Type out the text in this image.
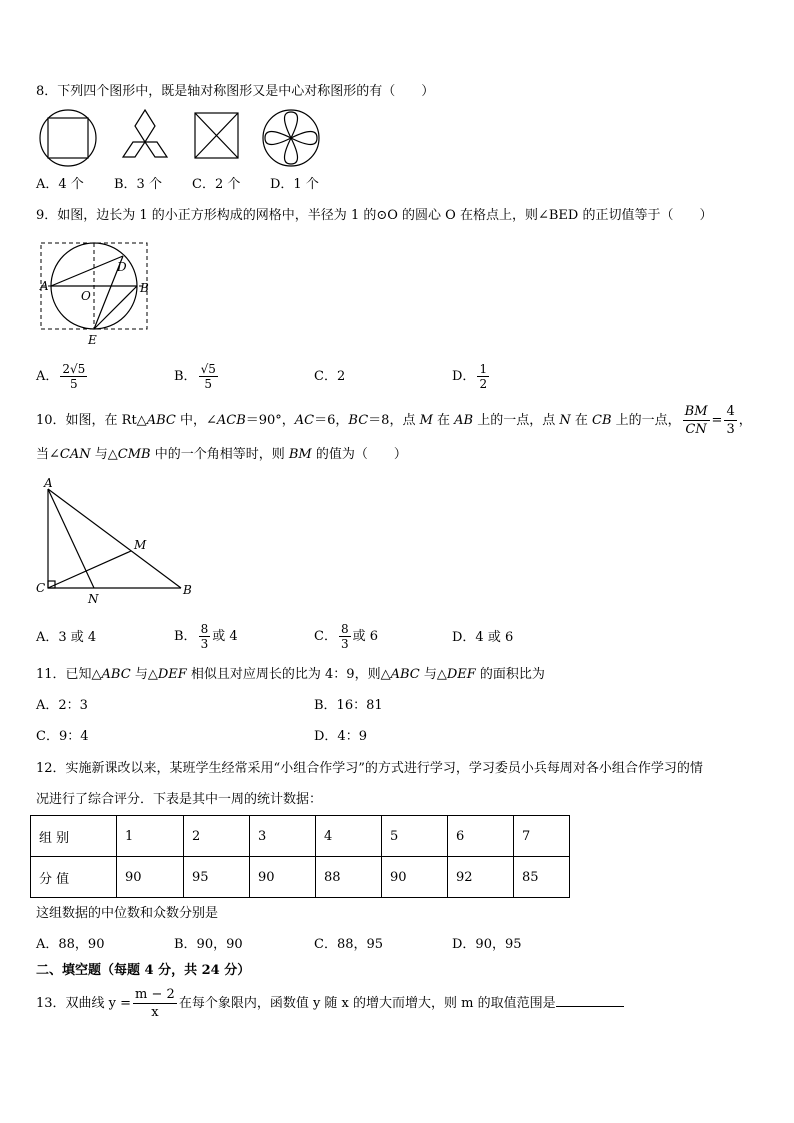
8．下列四个图形中，既是轴对称图形又是中心对称图形的有（　　）
A．4 个 B．3 个 C．2 个 D．1 个
9．如图，边长为 1 的小正方形构成的网格中，半径为 1 的⊙O 的圆心 O 在格点上，则∠BED 的正切值等于（　　）
A	B
D
O
E
A． $\frac{2√5}{5}$	B． $\frac{√5}{5}$	C．2	D． $\frac{1}{2}$
10．如图，在 Rt△ABC 中，∠ACB＝90°，AC＝6，BC＝8，点 M 在 AB 上的一点，点 N 在 CB 上的一点， $\frac{BM}{CN} = \frac{4}{3}$ ，
当∠CAN 与△CMB 中的一个角相等时，则 BM 的值为（　　）
A
M
C
N
B
A．3 或 4	B． $\frac{8}{3}$ 或 4	C． $\frac{8}{3}$ 或 6	D．4 或 6
11．已知△ABC 与△DEF 相似且对应周长的比为 4：9，则△ABC 与△DEF 的面积比为
A．2：3	B．16：81
C．9：4	D．4：9
12．实施新课改以来，某班学生经常采用“小组合作学习”的方式进行学习，学习委员小兵每周对各小组合作学习的情
况进行了综合评分．下表是其中一周的统计数据：
组 别	1	2	3	4	5	6	7
分 值	90	95	90	88	90	92	85
这组数据的中位数和众数分别是
A．88，90	B．90，90	C．88，95	D．90，95
二、填空题（每题 4 分，共 24 分）
13．双曲线 $y = \frac{m - 2}{x}$ 在每个象限内，函数值 y 随 x 的增大而增大，则 m 的取值范围是
